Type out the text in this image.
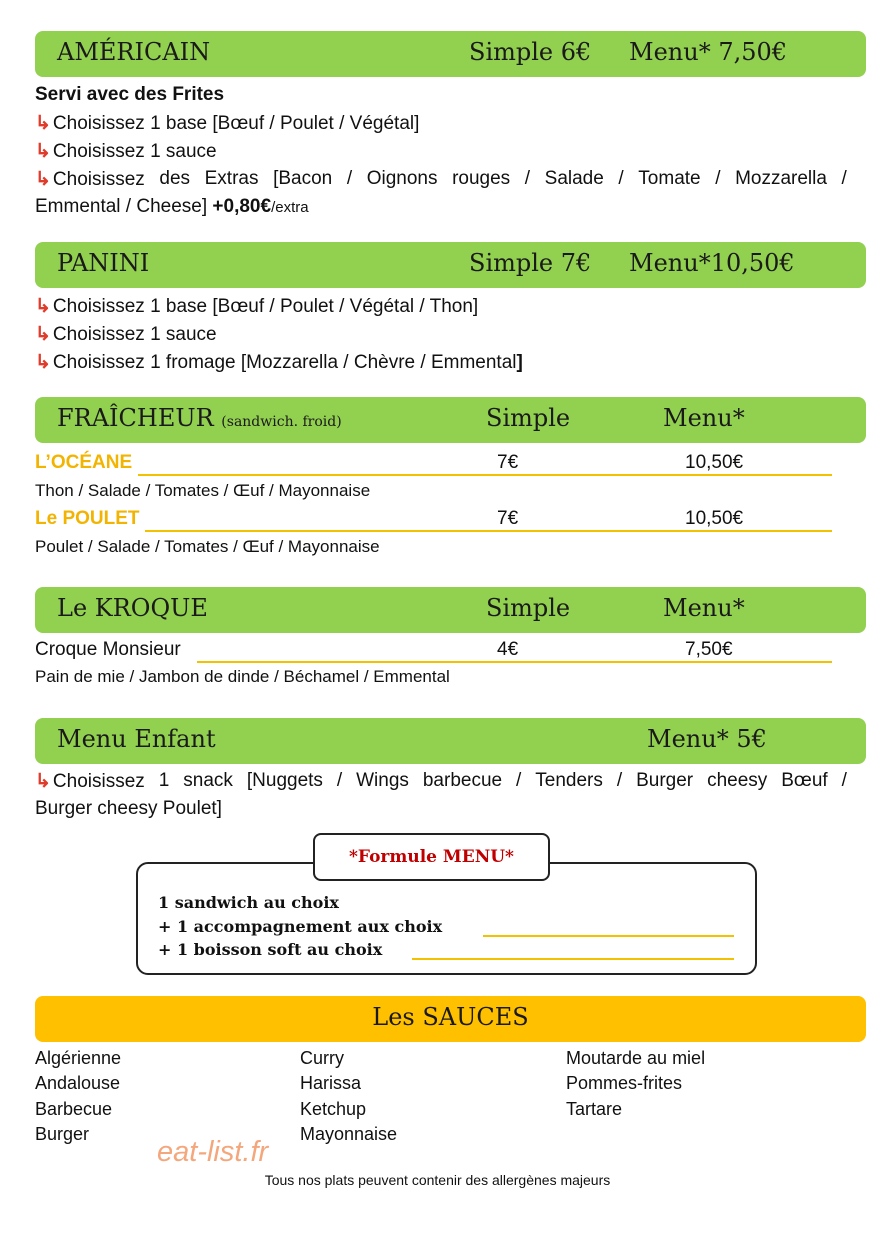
AMÉRICAIN	Simple 6€ Menu* 7,50€
Servi avec des Frites
↳ Choisissez 1 base [Bœuf / Poulet / Végétal]
↳ Choisissez 1 sauce
↳ Choisissez des Extras [Bacon / Oignons rouges / Salade / Tomate / Mozzarella /
Emmental / Cheese] +0,80€/extra
PANINI	Simple 7€ Menu*10,50€
↳ Choisissez 1 base [Bœuf / Poulet / Végétal / Thon]
↳ Choisissez 1 sauce
↳ Choisissez 1 fromage [Mozzarella / Chèvre / Emmental]
FRAÎCHEUR (sandwich. froid)	Simple	Menu*
L’OCÉANE	7€	10,50€
Thon / Salade / Tomates / Œuf / Mayonnaise
Le POULET	7€	10,50€
Poulet / Salade / Tomates / Œuf / Mayonnaise
Le KROQUE	Simple	Menu*
Croque Monsieur	4€	7,50€
Pain de mie / Jambon de dinde / Béchamel / Emmental
Menu Enfant	Menu* 5€
↳ Choisissez 1 snack [Nuggets / Wings barbecue / Tenders / Burger cheesy Bœuf /
Burger cheesy Poulet]
*Formule MENU*
1 sandwich au choix
+ 1 accompagnement aux choix
+ 1 boisson soft au choix
Les SAUCES
Algérienne
Andalouse
Barbecue
Burger
Curry
Harissa
Ketchup
Mayonnaise
Moutarde au miel
Pommes-frites
Tartare
eat-list.fr
Tous nos plats peuvent contenir des allergènes majeurs
